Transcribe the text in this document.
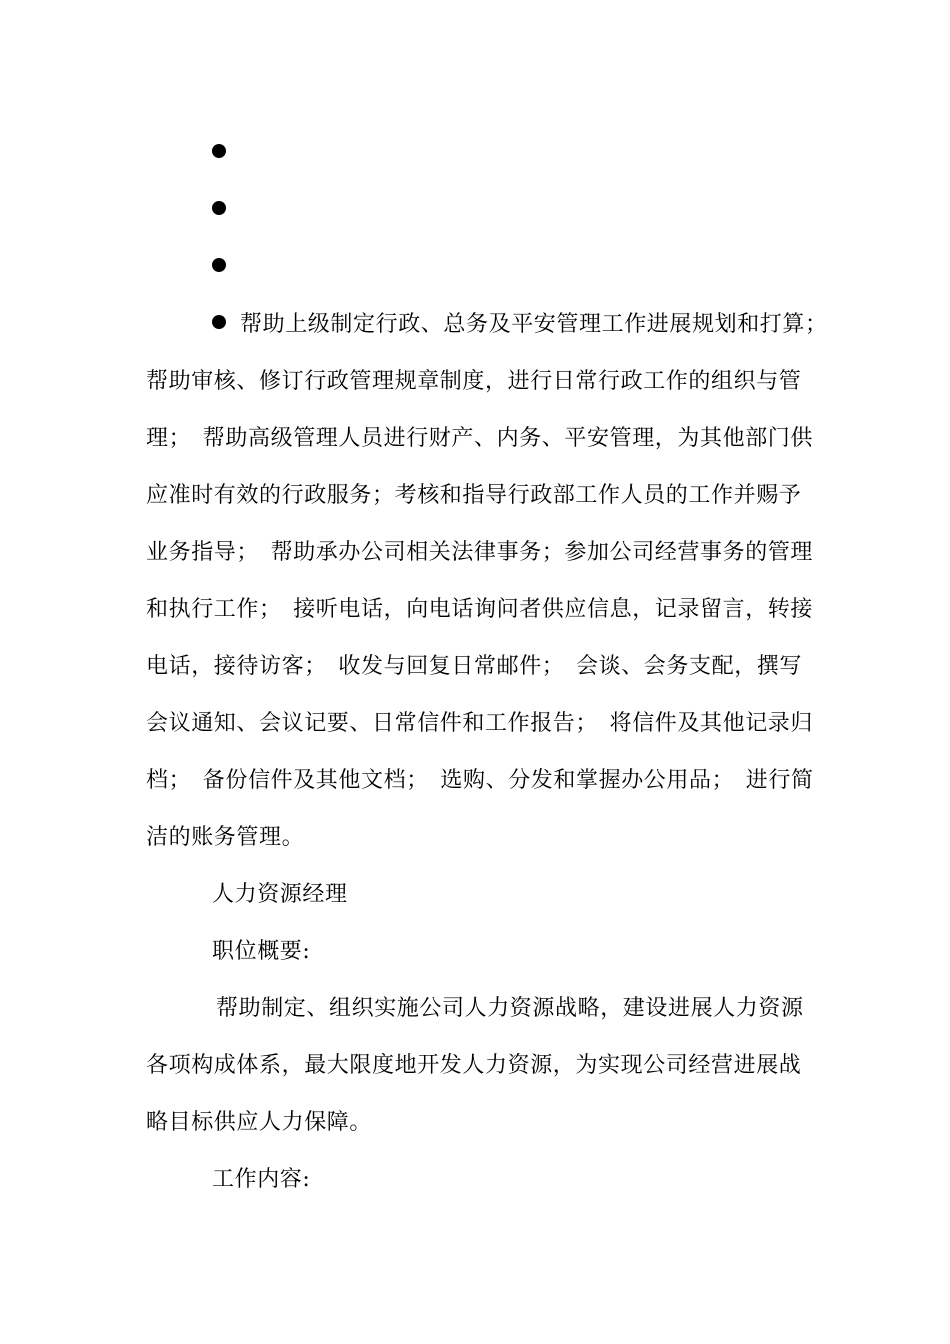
帮助上级制定行政、总务及平安管理工作进展规划和打算；
帮助审核、修订行政管理规章制度，进行日常行政工作的组织与管
理；　帮助高级管理人员进行财产、内务、平安管理，为其他部门供
应准时有效的行政服务；考核和指导行政部工作人员的工作并赐予
业务指导；　帮助承办公司相关法律事务；参加公司经营事务的管理
和执行工作；　接听电话，向电话询问者供应信息，记录留言，转接
电话，接待访客；　收发与回复日常邮件；　会谈、会务支配，撰写
会议通知、会议记要、日常信件和工作报告；　将信件及其他记录归
档；　备份信件及其他文档；　选购、分发和掌握办公用品；　进行简
洁的账务管理。
人力资源经理
职位概要:
帮助制定、组织实施公司人力资源战略，建设进展人力资源
各项构成体系，最大限度地开发人力资源，为实现公司经营进展战
略目标供应人力保障。
工作内容:
